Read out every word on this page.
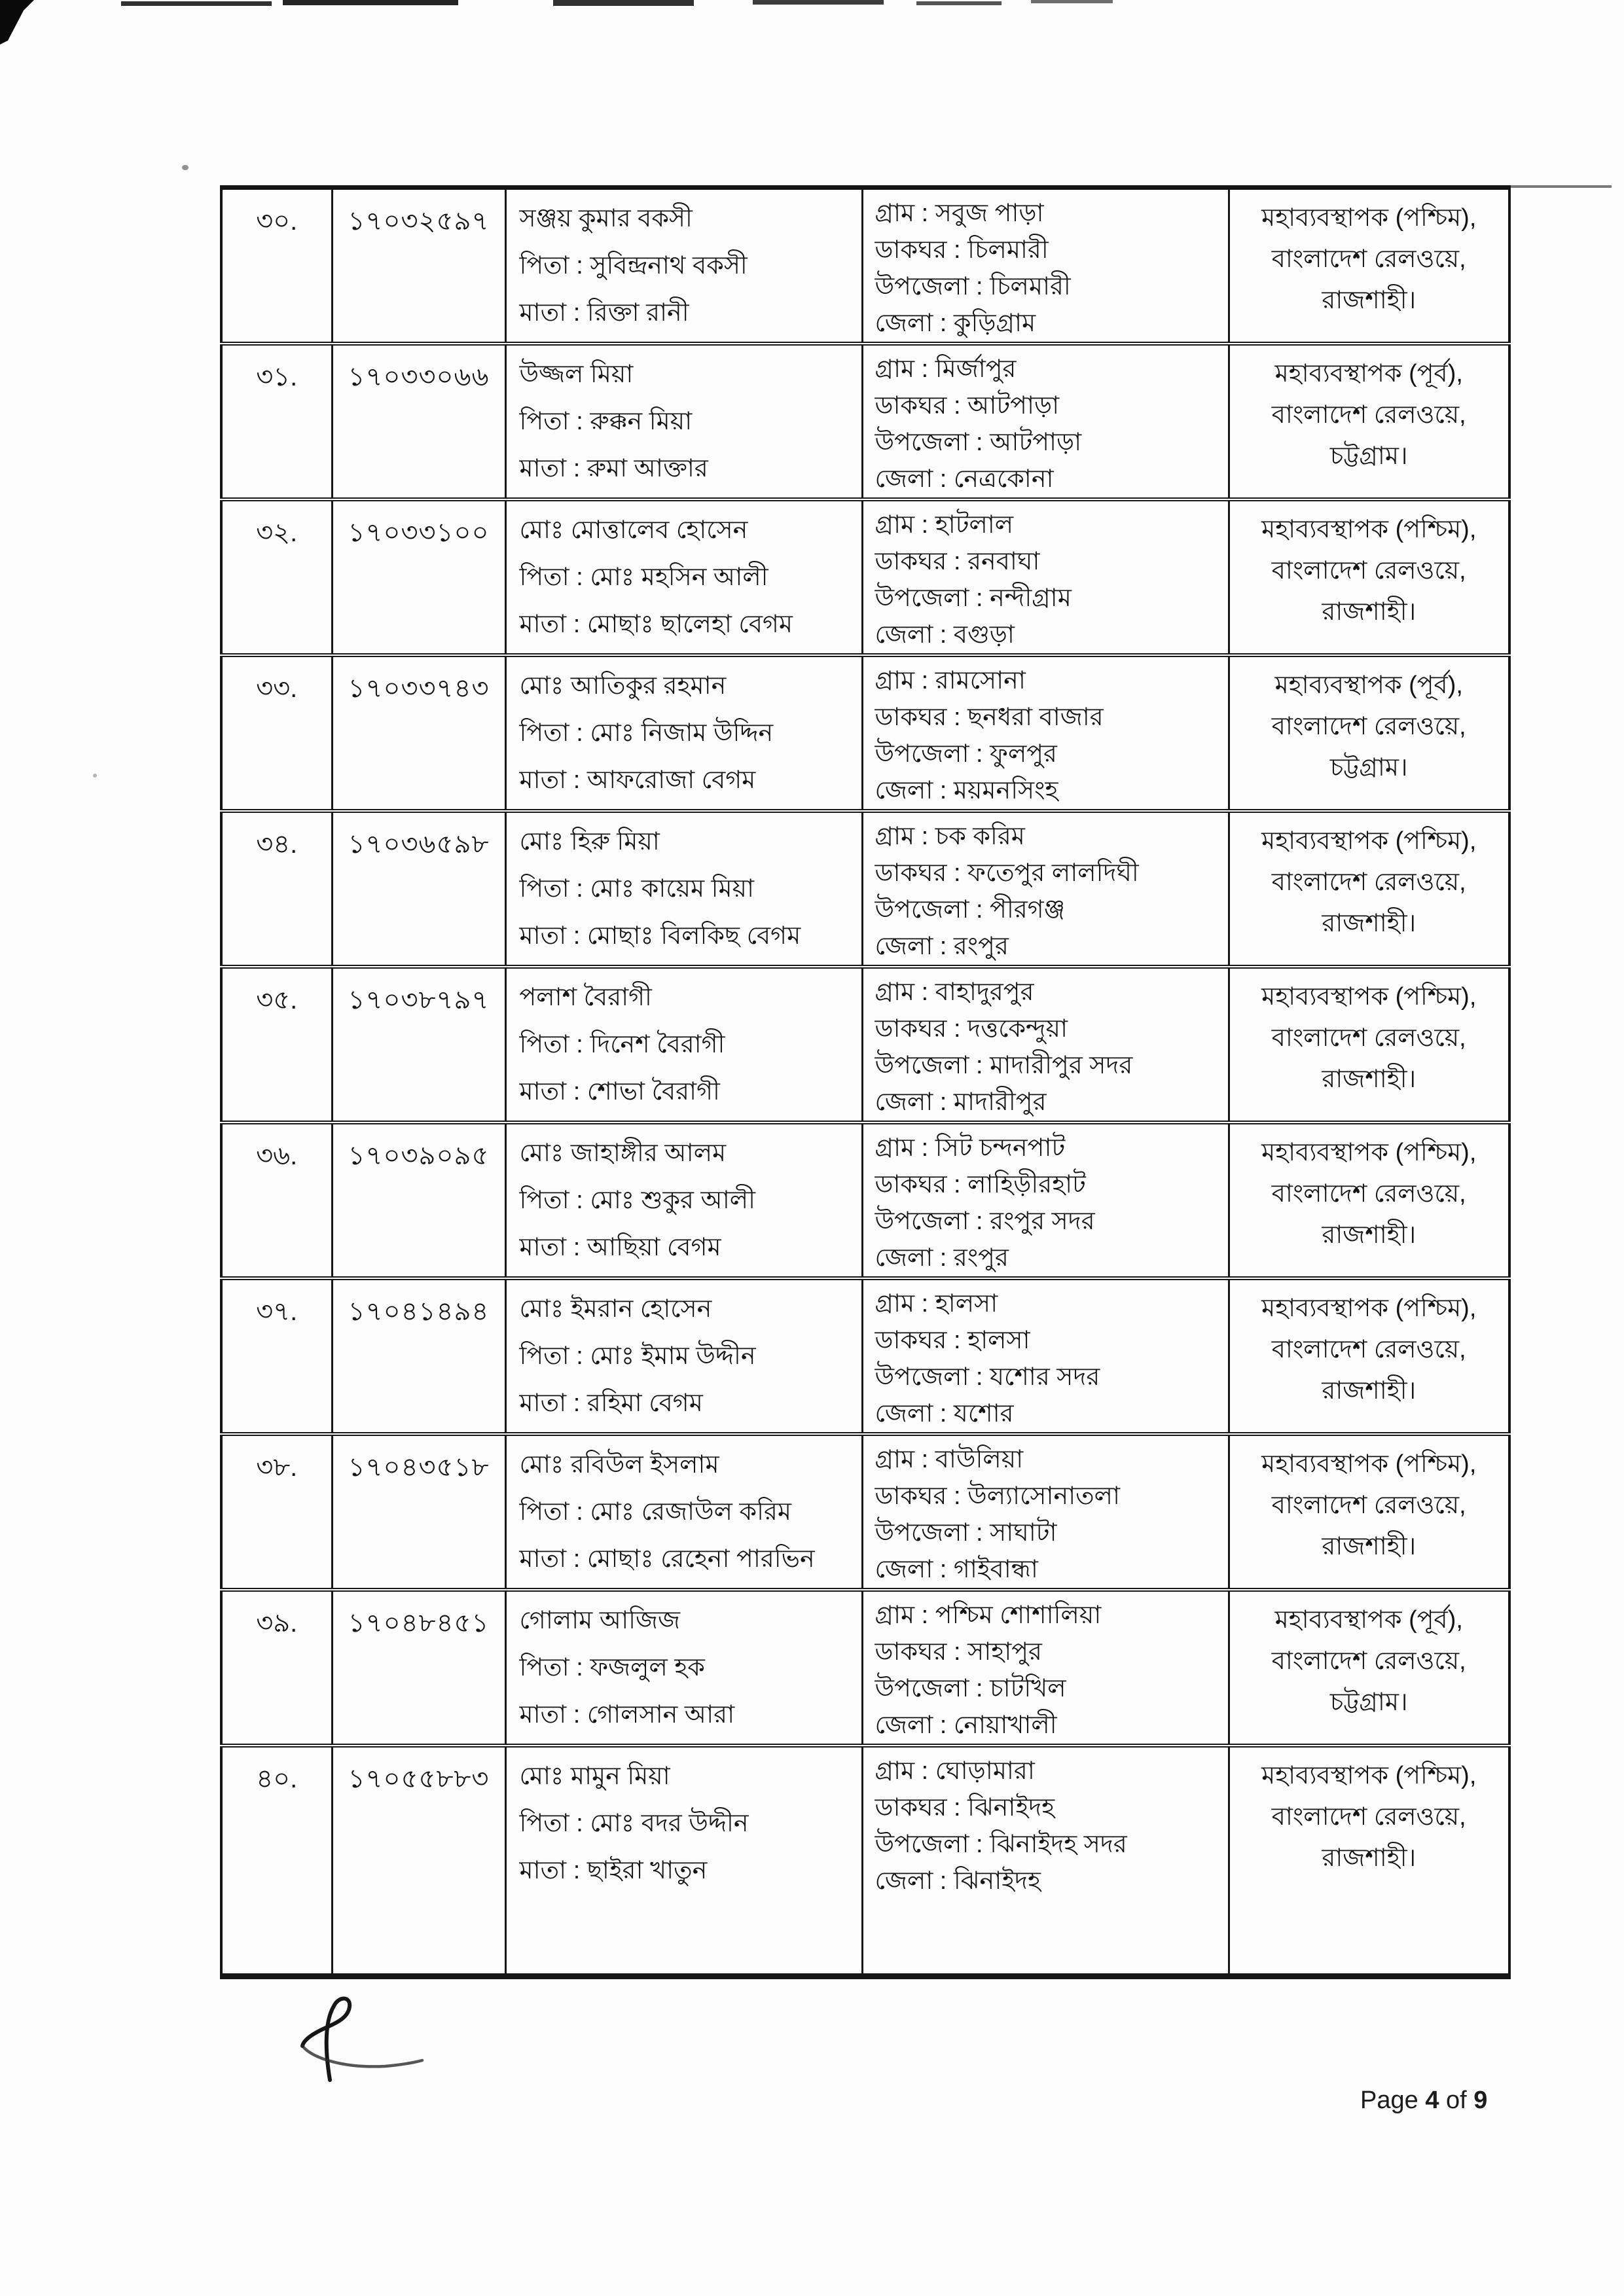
৩০.	১৭০৩২৫৯৭	সঞ্জয় কুমার বকসী
পিতা : সুবিন্দ্রনাথ বকসী
মাতা : রিক্তা রানী

গ্রাম : সবুজ পাড়া
ডাকঘর : চিলমারী
উপজেলা : চিলমারী
জেলা : কুড়িগ্রাম

মহাব্যবস্থাপক (পশ্চিম),
বাংলাদেশ রেলওয়ে,
রাজশাহী।

৩১.	১৭০৩৩০৬৬	উজ্জল মিয়া
পিতা : রুক্কন মিয়া
মাতা : রুমা আক্তার

গ্রাম : মির্জাপুর
ডাকঘর : আটপাড়া
উপজেলা : আটপাড়া
জেলা : নেত্রকোনা

মহাব্যবস্থাপক (পূর্ব),
বাংলাদেশ রেলওয়ে,
চট্টগ্রাম।

৩২.	১৭০৩৩১০০	মোঃ মোত্তালেব হোসেন
পিতা : মোঃ মহসিন আলী
মাতা : মোছাঃ ছালেহা বেগম

গ্রাম : হাটলাল
ডাকঘর : রনবাঘা
উপজেলা : নন্দীগ্রাম
জেলা : বগুড়া

মহাব্যবস্থাপক (পশ্চিম),
বাংলাদেশ রেলওয়ে,
রাজশাহী।

৩৩.	১৭০৩৩৭৪৩	মোঃ আতিকুর রহমান
পিতা : মোঃ নিজাম উদ্দিন
মাতা : আফরোজা বেগম

গ্রাম : রামসোনা
ডাকঘর : ছনধরা বাজার
উপজেলা : ফুলপুর
জেলা : ময়মনসিংহ

মহাব্যবস্থাপক (পূর্ব),
বাংলাদেশ রেলওয়ে,
চট্টগ্রাম।

৩৪.	১৭০৩৬৫৯৮	মোঃ হিরু মিয়া
পিতা : মোঃ কায়েম মিয়া
মাতা : মোছাঃ বিলকিছ বেগম

গ্রাম : চক করিম
ডাকঘর : ফতেপুর লালদিঘী
উপজেলা : পীরগঞ্জ
জেলা : রংপুর

মহাব্যবস্থাপক (পশ্চিম),
বাংলাদেশ রেলওয়ে,
রাজশাহী।

৩৫.	১৭০৩৮৭৯৭	পলাশ বৈরাগী
পিতা : দিনেশ বৈরাগী
মাতা : শোভা বৈরাগী

গ্রাম : বাহাদুরপুর
ডাকঘর : দত্তকেন্দুয়া
উপজেলা : মাদারীপুর সদর
জেলা : মাদারীপুর

মহাব্যবস্থাপক (পশ্চিম),
বাংলাদেশ রেলওয়ে,
রাজশাহী।

৩৬.	১৭০৩৯০৯৫	মোঃ জাহাঙ্গীর আলম
পিতা : মোঃ শুকুর আলী
মাতা : আছিয়া বেগম

গ্রাম : সিট চন্দনপাট
ডাকঘর : লাহিড়ীরহাট
উপজেলা : রংপুর সদর
জেলা : রংপুর

মহাব্যবস্থাপক (পশ্চিম),
বাংলাদেশ রেলওয়ে,
রাজশাহী।

৩৭.	১৭০৪১৪৯৪	মোঃ ইমরান হোসেন
পিতা : মোঃ ইমাম উদ্দীন
মাতা : রহিমা বেগম

গ্রাম : হালসা
ডাকঘর : হালসা
উপজেলা : যশোর সদর
জেলা : যশোর

মহাব্যবস্থাপক (পশ্চিম),
বাংলাদেশ রেলওয়ে,
রাজশাহী।

৩৮.	১৭০৪৩৫১৮	মোঃ রবিউল ইসলাম
পিতা : মোঃ রেজাউল করিম
মাতা : মোছাঃ রেহেনা পারভিন

গ্রাম : বাউলিয়া
ডাকঘর : উল্যাসোনাতলা
উপজেলা : সাঘাটা
জেলা : গাইবান্ধা

মহাব্যবস্থাপক (পশ্চিম),
বাংলাদেশ রেলওয়ে,
রাজশাহী।

৩৯.	১৭০৪৮৪৫১	গোলাম আজিজ
পিতা : ফজলুল হক
মাতা : গোলসান আরা

গ্রাম : পশ্চিম শোশালিয়া
ডাকঘর : সাহাপুর
উপজেলা : চাটখিল
জেলা : নোয়াখালী

মহাব্যবস্থাপক (পূর্ব),
বাংলাদেশ রেলওয়ে,
চট্টগ্রাম।

৪০.	১৭০৫৫৮৮৩	মোঃ মামুন মিয়া
পিতা : মোঃ বদর উদ্দীন
মাতা : ছাইরা খাতুন

গ্রাম : ঘোড়ামারা
ডাকঘর : ঝিনাইদহ
উপজেলা : ঝিনাইদহ সদর
জেলা : ঝিনাইদহ

মহাব্যবস্থাপক (পশ্চিম),
বাংলাদেশ রেলওয়ে,
রাজশাহী।
Page 4 of 9
